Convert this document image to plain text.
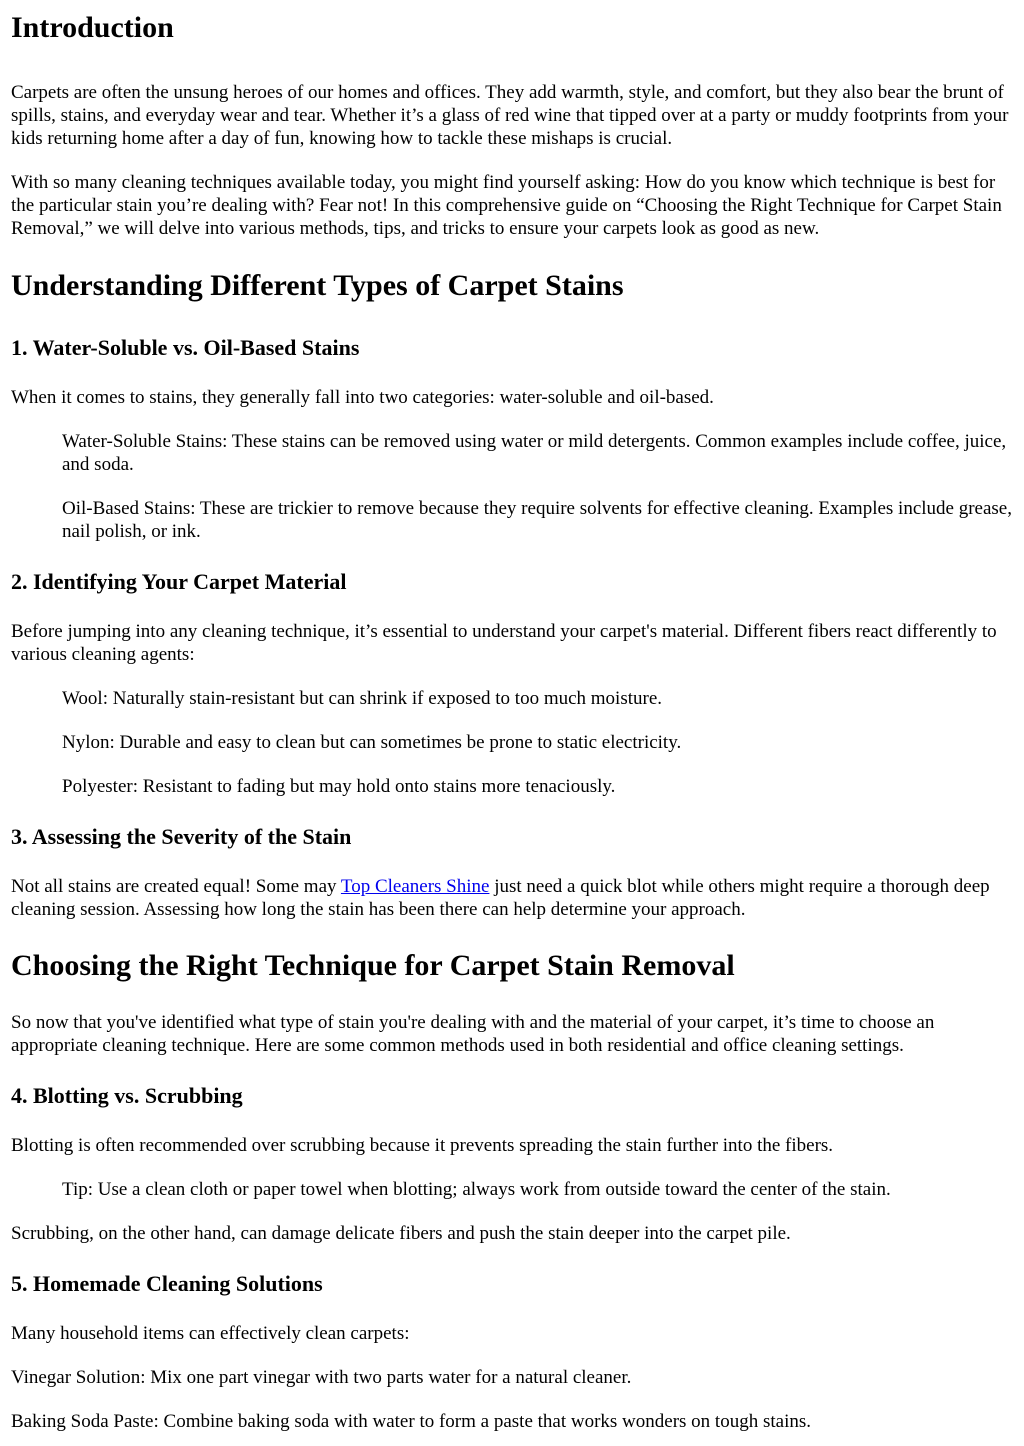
Introduction

Carpets are often the unsung heroes of our homes and offices. They add warmth, style, and comfort, but they also bear the brunt of spills, stains, and everyday wear and tear. Whether it’s a glass of red wine that tipped over at a party or muddy footprints from your kids returning home after a day of fun, knowing how to tackle these mishaps is crucial.

With so many cleaning techniques available today, you might find yourself asking: How do you know which technique is best for the particular stain you’re dealing with? Fear not! In this comprehensive guide on “Choosing the Right Technique for Carpet Stain Removal,” we will delve into various methods, tips, and tricks to ensure your carpets look as good as new.

Understanding Different Types of Carpet Stains
1. Water-Soluble vs. Oil-Based Stains

When it comes to stains, they generally fall into two categories: water-soluble and oil-based.

Water-Soluble Stains: These stains can be removed using water or mild detergents. Common examples include coffee, juice, and soda.

Oil-Based Stains: These are trickier to remove because they require solvents for effective cleaning. Examples include grease, nail polish, or ink.

2. Identifying Your Carpet Material

Before jumping into any cleaning technique, it’s essential to understand your carpet's material. Different fibers react differently to various cleaning agents:

Wool: Naturally stain-resistant but can shrink if exposed to too much moisture.

Nylon: Durable and easy to clean but can sometimes be prone to static electricity.

Polyester: Resistant to fading but may hold onto stains more tenaciously.

3. Assessing the Severity of the Stain

Not all stains are created equal! Some may Top Cleaners Shine just need a quick blot while others might require a thorough deep cleaning session. Assessing how long the stain has been there can help determine your approach.

Choosing the Right Technique for Carpet Stain Removal

So now that you've identified what type of stain you're dealing with and the material of your carpet, it’s time to choose an appropriate cleaning technique. Here are some common methods used in both residential and office cleaning settings.

4. Blotting vs. Scrubbing

Blotting is often recommended over scrubbing because it prevents spreading the stain further into the fibers.

Tip: Use a clean cloth or paper towel when blotting; always work from outside toward the center of the stain.

Scrubbing, on the other hand, can damage delicate fibers and push the stain deeper into the carpet pile.

5. Homemade Cleaning Solutions

Many household items can effectively clean carpets:

Vinegar Solution: Mix one part vinegar with two parts water for a natural cleaner.

Baking Soda Paste: Combine baking soda with water to form a paste that works wonders on tough stains.
